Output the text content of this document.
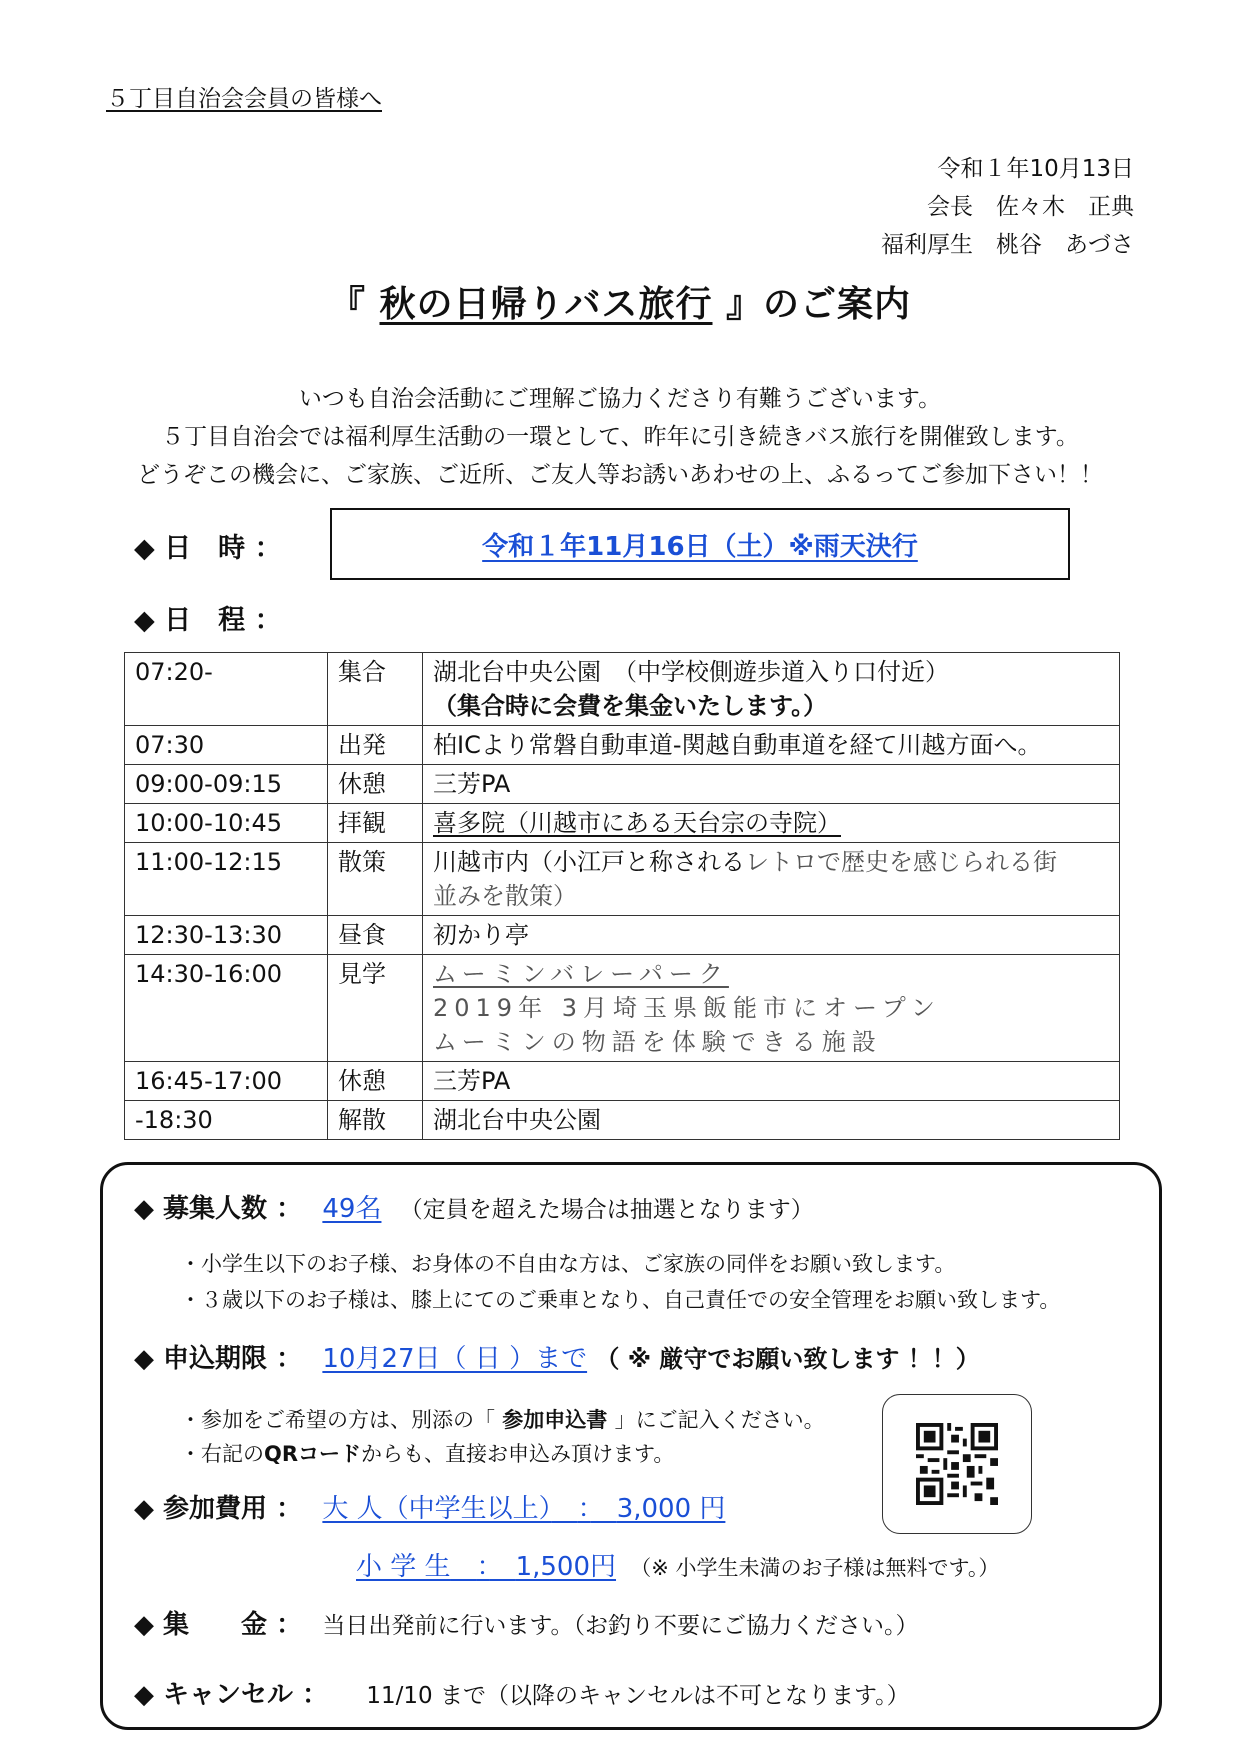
５丁目自治会会員の皆様へ
令和１年10月13日
会長　佐々木　正典
福利厚生　桃谷　あづさ
『 秋の日帰りバス旅行 』のご案内
いつも自治会活動にご理解ご協力くださり有難うございます。
５丁目自治会では福利厚生活動の一環として、昨年に引き続きバス旅行を開催致します。
どうぞこの機会に、ご家族、ご近所、ご友人等お誘いあわせの上、ふるってご参加下さい！！
◆ 日　時 ：	令和１年11月16日（土）※雨天決行
◆ 日　程 ：
07:20-	集合	湖北台中央公園　（中学校側遊歩道入り口付近）
（集合時に会費を集金いたします。）

07:30	出発	柏ICより常磐自動車道-関越自動車道を経て川越方面へ。
09:00-09:15	休憩	三芳PA
10:00-10:45	拝観	喜多院（川越市にある天台宗の寺院）
11:00-12:15	散策	川越市内（小江戸と称されるレトロで歴史を感じられる街
並みを散策）

12:30-13:30	昼食	初かり亭
14:30-16:00	見学	ムーミンバレーパーク
2019年 3月埼玉県飯能市にオープン
ムーミンの物語を体験できる施設

16:45-17:00	休憩	三芳PA
-18:30	解散	湖北台中央公園
◆ 募集人数 ： 49名 （定員を超えた場合は抽選となります）
・小学生以下のお子様、お身体の不自由な方は、ご家族の同伴をお願い致します。
・３歳以下のお子様は、膝上にてのご乗車となり、自己責任での安全管理をお願い致します。
◆ 申込期限 ： 10月27日（ 日 ）まで （ ※ 厳守でお願い致します ！！）
・参加をご希望の方は、別添の「 参加申込書 」にご記入ください。
・右記のQRコードからも、直接お申込み頂けます。
◆ 参加費用 ： 大 人（中学生以上）　 ：　 3,000 円
小 学 生　 ：　 1,500円 （※ 小学生未満のお子様は無料です。）
◆ 集　　金 ： 当日出発前に行います。（お釣り不要にご協力ください。）
◆ キャンセル ： 11/10 まで（以降のキャンセルは不可となります。）
